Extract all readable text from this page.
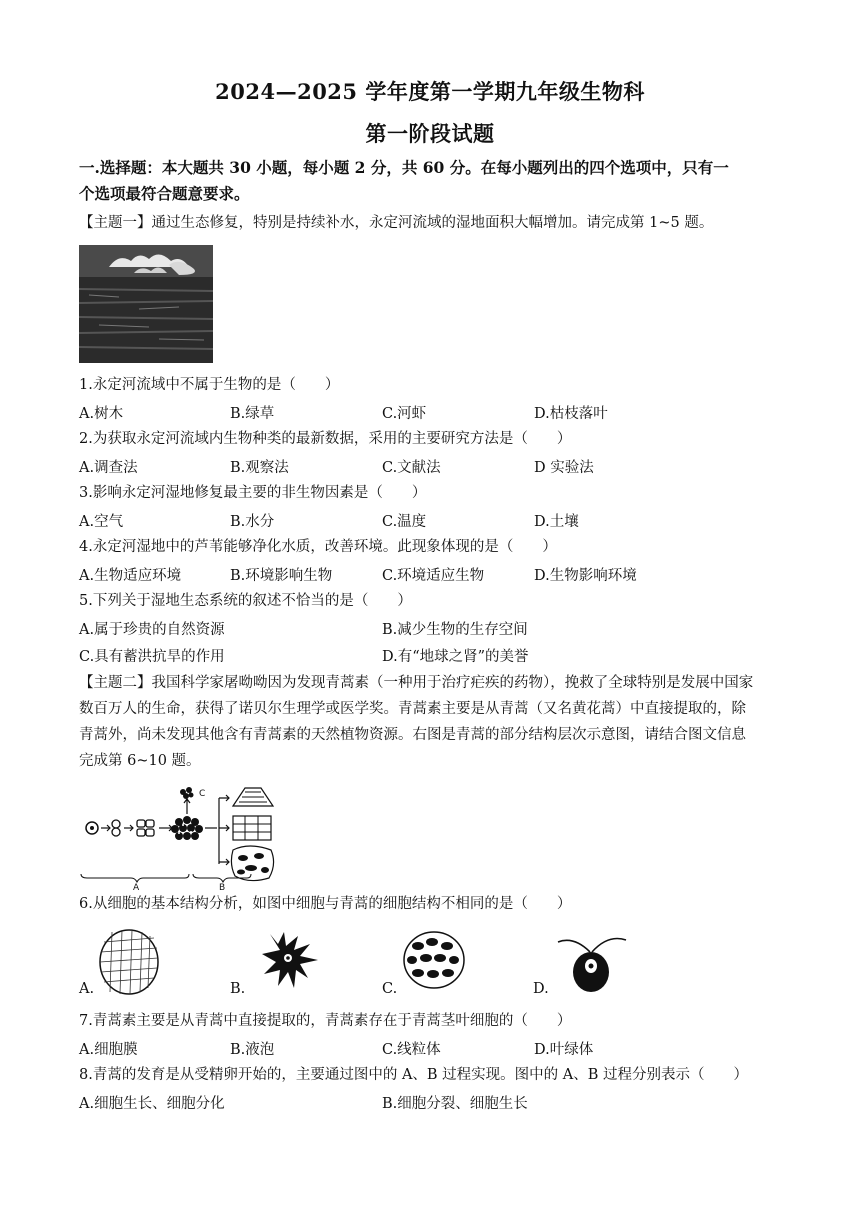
2024—2025 学年度第一学期九年级生物科
第一阶段试题
一.选择题：本大题共 30 小题，每小题 2 分，共 60 分。在每小题列出的四个选项中，只有一
个选项最符合题意要求。
【主题一】通过生态修复，特别是持续补水，永定河流域的湿地面积大幅增加。请完成第 1~5 题。
1.永定河流域中不属于生物的是（　　）
A.树木	B.绿草	C.河虾	D.枯枝落叶
2.为获取永定河流域内生物种类的最新数据，采用的主要研究方法是（　　）
A.调查法	B.观察法	C.文献法	D 实验法
3.影响永定河湿地修复最主要的非生物因素是（　　）
A.空气	B.水分	C.温度	D.土壤
4.永定河湿地中的芦苇能够净化水质，改善环境。此现象体现的是（　　）
A.生物适应环境	B.环境影响生物	C.环境适应生物	D.生物影响环境
5.下列关于湿地生态系统的叙述不恰当的是（　　）
A.属于珍贵的自然资源	B.减少生物的生存空间
C.具有蓄洪抗旱的作用	D.有“地球之肾”的美誉
【主题二】我国科学家屠呦呦因为发现青蒿素（一种用于治疗疟疾的药物），挽救了全球特别是发展中国家
数百万人的生命，获得了诺贝尔生理学或医学奖。青蒿素主要是从青蒿（又名黄花蒿）中直接提取的，除
青蒿外，尚未发现其他含有青蒿素的天然植物资源。右图是青蒿的部分结构层次示意图，请结合图文信息
完成第 6~10 题。
C
A	B
6.从细胞的基本结构分析，如图中细胞与青蒿的细胞结构不相同的是（　　）
A.	B.	C.	D.
7.青蒿素主要是从青蒿中直接提取的，青蒿素存在于青蒿茎叶细胞的（　　）
A.细胞膜	B.液泡	C.线粒体	D.叶绿体
8.青蒿的发育是从受精卵开始的，主要通过图中的 A、B 过程实现。图中的 A、B 过程分别表示（　　）
A.细胞生长、细胞分化	B.细胞分裂、细胞生长
